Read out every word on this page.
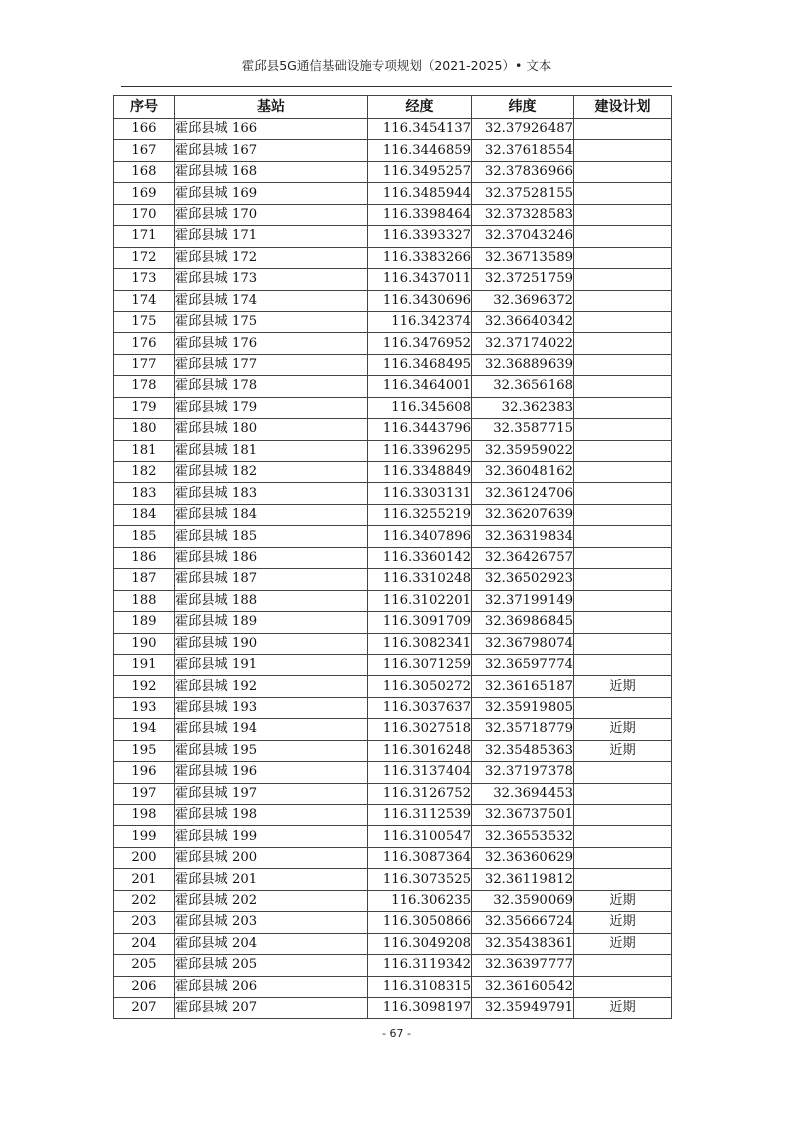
霍邱县5G通信基础设施专项规划（2021-2025）• 文本
序号	基站	经度	纬度	建设计划
166	霍邱县城 166	116.3454137	32.37926487	
167	霍邱县城 167	116.3446859	32.37618554	
168	霍邱县城 168	116.3495257	32.37836966	
169	霍邱县城 169	116.3485944	32.37528155	
170	霍邱县城 170	116.3398464	32.37328583	
171	霍邱县城 171	116.3393327	32.37043246	
172	霍邱县城 172	116.3383266	32.36713589	
173	霍邱县城 173	116.3437011	32.37251759	
174	霍邱县城 174	116.3430696	32.3696372	
175	霍邱县城 175	116.342374	32.36640342	
176	霍邱县城 176	116.3476952	32.37174022	
177	霍邱县城 177	116.3468495	32.36889639	
178	霍邱县城 178	116.3464001	32.3656168	
179	霍邱县城 179	116.345608	32.362383	
180	霍邱县城 180	116.3443796	32.3587715	
181	霍邱县城 181	116.3396295	32.35959022	
182	霍邱县城 182	116.3348849	32.36048162	
183	霍邱县城 183	116.3303131	32.36124706	
184	霍邱县城 184	116.3255219	32.36207639	
185	霍邱县城 185	116.3407896	32.36319834	
186	霍邱县城 186	116.3360142	32.36426757	
187	霍邱县城 187	116.3310248	32.36502923	
188	霍邱县城 188	116.3102201	32.37199149	
189	霍邱县城 189	116.3091709	32.36986845	
190	霍邱县城 190	116.3082341	32.36798074	
191	霍邱县城 191	116.3071259	32.36597774	
192	霍邱县城 192	116.3050272	32.36165187	近期
193	霍邱县城 193	116.3037637	32.35919805	
194	霍邱县城 194	116.3027518	32.35718779	近期
195	霍邱县城 195	116.3016248	32.35485363	近期
196	霍邱县城 196	116.3137404	32.37197378	
197	霍邱县城 197	116.3126752	32.3694453	
198	霍邱县城 198	116.3112539	32.36737501	
199	霍邱县城 199	116.3100547	32.36553532	
200	霍邱县城 200	116.3087364	32.36360629	
201	霍邱县城 201	116.3073525	32.36119812	
202	霍邱县城 202	116.306235	32.3590069	近期
203	霍邱县城 203	116.3050866	32.35666724	近期
204	霍邱县城 204	116.3049208	32.35438361	近期
205	霍邱县城 205	116.3119342	32.36397777	
206	霍邱县城 206	116.3108315	32.36160542	
207	霍邱县城 207	116.3098197	32.35949791	近期
- 67 -
